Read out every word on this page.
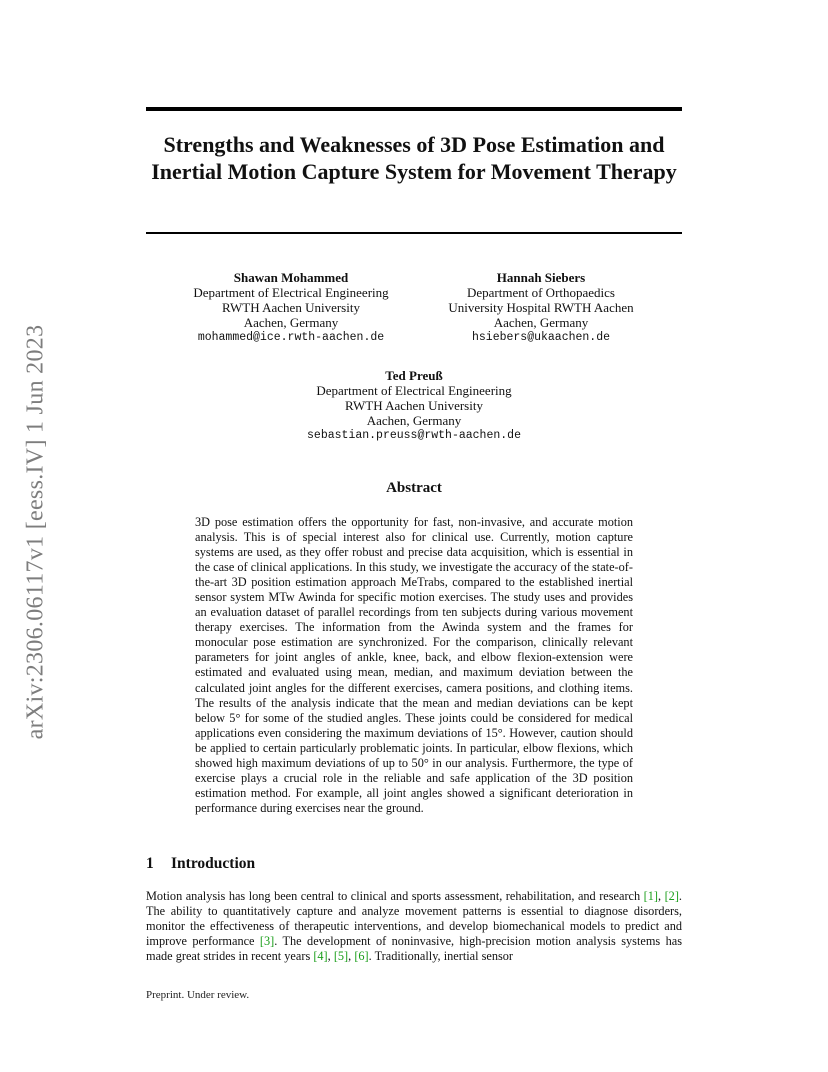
arXiv:2306.06117v1 [eess.IV] 1 Jun 2023
Strengths and Weaknesses of 3D Pose Estimation and Inertial Motion Capture System for Movement Therapy
Shawan Mohammed
Department of Electrical Engineering
RWTH Aachen University
Aachen, Germany
mohammed@ice.rwth-aachen.de
Hannah Siebers
Department of Orthopaedics
University Hospital RWTH Aachen
Aachen, Germany
hsiebers@ukaachen.de
Ted Preuß
Department of Electrical Engineering
RWTH Aachen University
Aachen, Germany
sebastian.preuss@rwth-aachen.de
Abstract

3D pose estimation offers the opportunity for fast, non-invasive, and accurate motion analysis. This is of special interest also for clinical use. Currently, motion capture systems are used, as they offer robust and precise data acquisition, which is essential in the case of clinical applications. In this study, we investigate the accuracy of the state-of-the-art 3D position estimation approach MeTrabs, compared to the established inertial sensor system MTw Awinda for specific motion exercises. The study uses and provides an evaluation dataset of parallel recordings from ten subjects during various movement therapy exercises. The information from the Awinda system and the frames for monocular pose estimation are synchronized. For the comparison, clinically relevant parameters for joint angles of ankle, knee, back, and elbow flexion-extension were estimated and evaluated using mean, median, and maximum deviation between the calculated joint angles for the different exercises, camera positions, and clothing items. The results of the analysis indicate that the mean and median deviations can be kept below 5° for some of the studied angles. These joints could be considered for medical applications even considering the maximum deviations of 15°. However, caution should be applied to certain particularly problematic joints. In particular, elbow flexions, which showed high maximum deviations of up to 50° in our analysis. Furthermore, the type of exercise plays a crucial role in the reliable and safe application of the 3D position estimation method. For example, all joint angles showed a significant deterioration in performance during exercises near the ground.

1 Introduction

Motion analysis has long been central to clinical and sports assessment, rehabilitation, and research [1], [2]. The ability to quantitatively capture and analyze movement patterns is essential to diagnose disorders, monitor the effectiveness of therapeutic interventions, and develop biomechanical models to predict and improve performance [3]. The development of noninvasive, high-precision motion analysis systems has made great strides in recent years [4], [5], [6]. Traditionally, inertial sensor

Preprint. Under review.
